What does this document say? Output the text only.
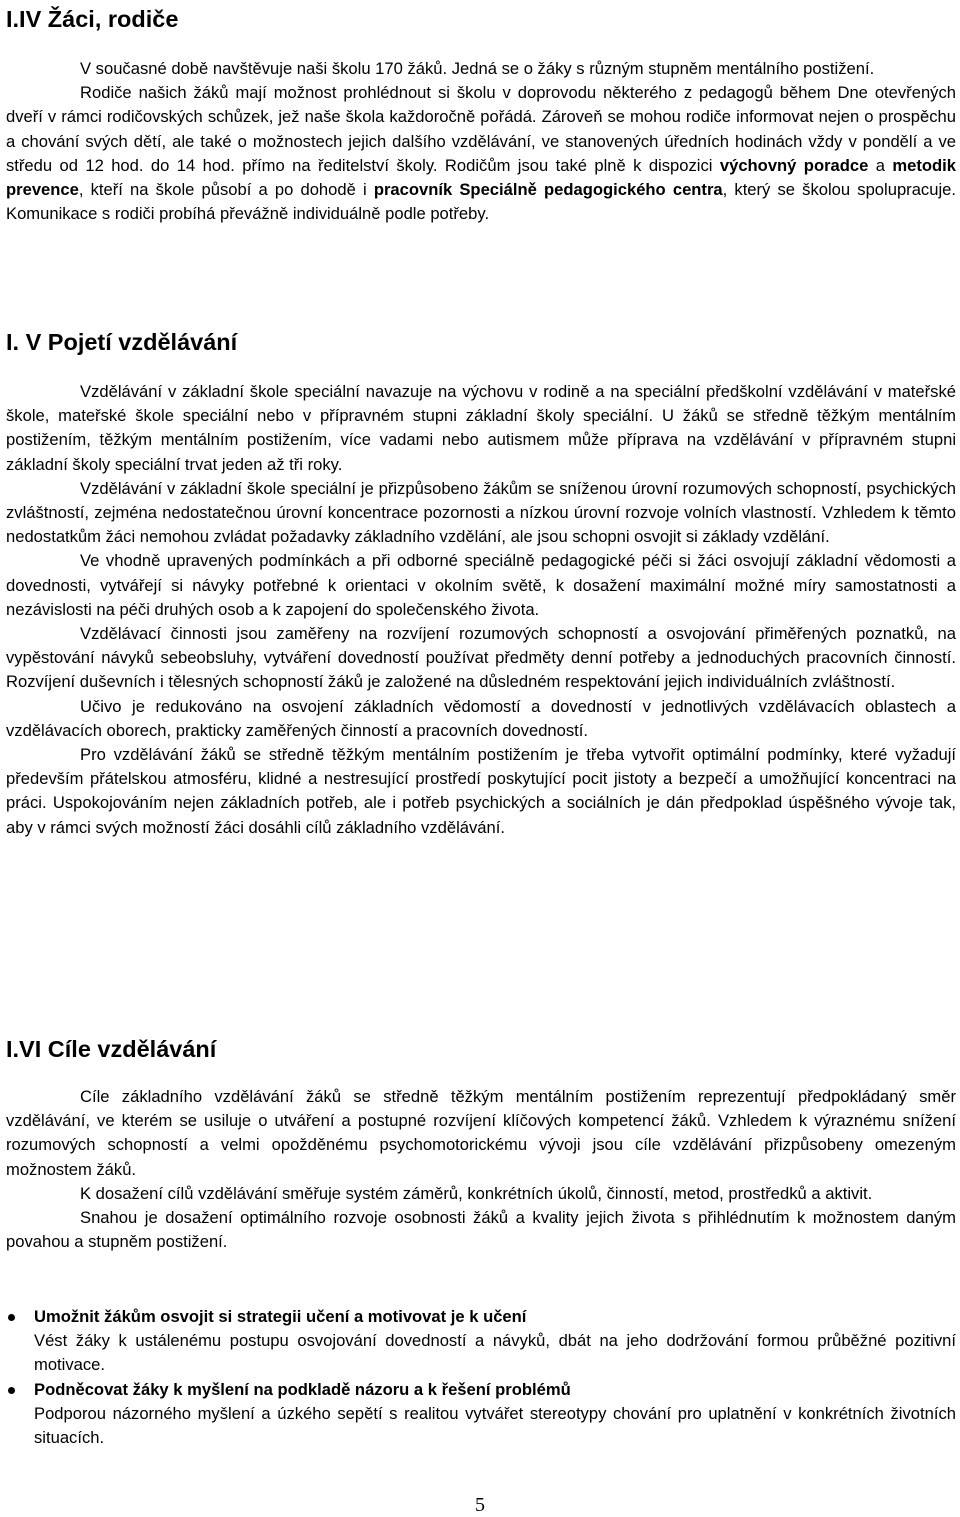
I.IV Žáci, rodiče

V současné době navštěvuje naši školu 170 žáků. Jedná se o žáky s různým stupněm mentálního postižení.

Rodiče našich žáků mají možnost prohlédnout si školu v doprovodu některého z pedagogů během Dne otevřených dveří v rámci rodičovských schůzek, jež naše škola každoročně pořádá. Zároveň se mohou rodiče informovat nejen o prospěchu a chování svých dětí, ale také o možnostech jejich dalšího vzdělávání, ve stanovených úředních hodinách vždy v pondělí a ve středu od 12 hod. do 14 hod. přímo na ředitelství školy. Rodičům jsou také plně k dispozici výchovný poradce a metodik prevence, kteří na škole působí a po dohodě i pracovník Speciálně pedagogického centra, který se školou spolupracuje. Komunikace s rodiči probíhá převážně individuálně podle potřeby.

I. V Pojetí vzdělávání

Vzdělávání v základní škole speciální navazuje na výchovu v rodině a na speciální předškolní vzdělávání v mateřské škole, mateřské škole speciální nebo v přípravném stupni základní školy speciální. U žáků se středně těžkým mentálním postižením, těžkým mentálním postižením, více vadami nebo autismem může příprava na vzdělávání v přípravném stupni základní školy speciální trvat jeden až tři roky.

Vzdělávání v základní škole speciální je přizpůsobeno žákům se sníženou úrovní rozumových schopností, psychických zvláštností, zejména nedostatečnou úrovní koncentrace pozornosti a nízkou úrovní rozvoje volních vlastností. Vzhledem k těmto nedostatkům žáci nemohou zvládat požadavky základního vzdělání, ale jsou schopni osvojit si základy vzdělání.

Ve vhodně upravených podmínkách a při odborné speciálně pedagogické péči si žáci osvojují základní vědomosti a dovednosti, vytvářejí si návyky potřebné k orientaci v okolním světě, k dosažení maximální možné míry samostatnosti a nezávislosti na péči druhých osob a k zapojení do společenského života.

Vzdělávací činnosti jsou zaměřeny na rozvíjení rozumových schopností a osvojování přiměřených poznatků, na vypěstování návyků sebeobsluhy, vytváření dovedností používat předměty denní potřeby a jednoduchých pracovních činností. Rozvíjení duševních i tělesných schopností žáků je založené na důsledném respektování jejich individuálních zvláštností.

Učivo je redukováno na osvojení základních vědomostí a dovedností v jednotlivých vzdělávacích oblastech a vzdělávacích oborech, prakticky zaměřených činností a pracovních dovedností.

Pro vzdělávání žáků se středně těžkým mentálním postižením je třeba vytvořit optimální podmínky, které vyžadují především přátelskou atmosféru, klidné a nestresující prostředí poskytující pocit jistoty a bezpečí a umožňující koncentraci na práci. Uspokojováním nejen základních potřeb, ale i potřeb psychických a sociálních je dán předpoklad úspěšného vývoje tak, aby v rámci svých možností žáci dosáhli cílů základního vzdělávání.

I.VI Cíle vzdělávání

Cíle základního vzdělávání žáků se středně těžkým mentálním postižením reprezentují předpokládaný směr vzdělávání, ve kterém se usiluje o utváření a postupné rozvíjení klíčových kompetencí žáků. Vzhledem k výraznému snížení rozumových schopností a velmi opožděnému psychomotorickému vývoji jsou cíle vzdělávání přizpůsobeny omezeným možnostem žáků.

K dosažení cílů vzdělávání směřuje systém záměrů, konkrétních úkolů, činností, metod, prostředků a aktivit.

Snahou je dosažení optimálního rozvoje osobnosti žáků a kvality jejich života s přihlédnutím k možnostem daným povahou a stupněm postižení.

Umožnit žákům osvojit si strategii učení a motivovat je k učení
Vést žáky k ustálenému postupu osvojování dovedností a návyků, dbát na jeho dodržování formou průběžné pozitivní motivace.
Podněcovat žáky k myšlení na podkladě názoru a k řešení problémů
Podporou názorného myšlení a úzkého sepětí s realitou vytvářet stereotypy chování pro uplatnění v konkrétních životních situacích.
5
